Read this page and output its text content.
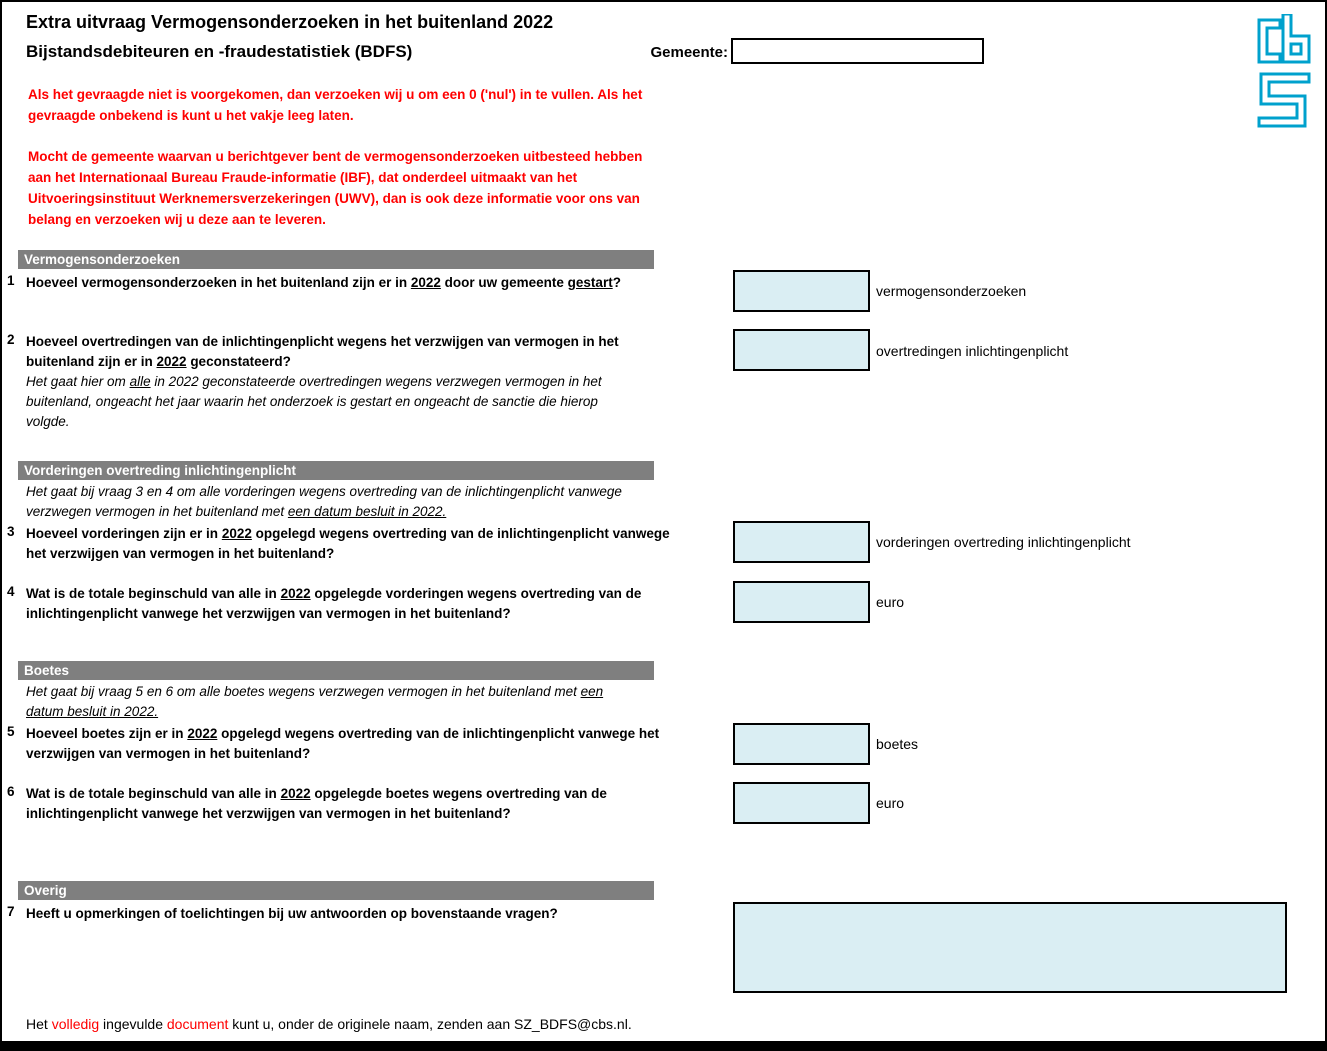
Extra uitvraag Vermogensonderzoeken in het buitenland 2022
Bijstandsdebiteuren en -fraudestatistiek (BDFS)	Gemeente:
Als het gevraagde niet is voorgekomen, dan verzoeken wij u om een 0 ('nul') in te vullen. Als het
gevraagde onbekend is kunt u het vakje leeg laten.
Mocht de gemeente waarvan u berichtgever bent de vermogensonderzoeken uitbesteed hebben
aan het Internationaal Bureau Fraude-informatie (IBF), dat onderdeel uitmaakt van het
Uitvoeringsinstituut Werknemersverzekeringen (UWV), dan is ook deze informatie voor ons van
belang en verzoeken wij u deze aan te leveren.
Vermogensonderzoeken
1 Hoeveel vermogensonderzoeken in het buitenland zijn er in 2022 door uw gemeente gestart?
vermogensonderzoeken
2 Hoeveel overtredingen van de inlichtingenplicht wegens het verzwijgen van vermogen in het
buitenland zijn er in 2022 geconstateerd?
Het gaat hier om alle in 2022 geconstateerde overtredingen wegens verzwegen vermogen in het
buitenland, ongeacht het jaar waarin het onderzoek is gestart en ongeacht de sanctie die hierop
volgde.
overtredingen inlichtingenplicht
Vorderingen overtreding inlichtingenplicht
Het gaat bij vraag 3 en 4 om alle vorderingen wegens overtreding van de inlichtingenplicht vanwege
verzwegen vermogen in het buitenland met een datum besluit in 2022.
3 Hoeveel vorderingen zijn er in 2022 opgelegd wegens overtreding van de inlichtingenplicht vanwege
het verzwijgen van vermogen in het buitenland?
vorderingen overtreding inlichtingenplicht
4 Wat is de totale beginschuld van alle in 2022 opgelegde vorderingen wegens overtreding van de
inlichtingenplicht vanwege het verzwijgen van vermogen in het buitenland?
euro
Boetes
Het gaat bij vraag 5 en 6 om alle boetes wegens verzwegen vermogen in het buitenland met een
datum besluit in 2022.
5 Hoeveel boetes zijn er in 2022 opgelegd wegens overtreding van de inlichtingenplicht vanwege het
verzwijgen van vermogen in het buitenland?
boetes
6 Wat is de totale beginschuld van alle in 2022 opgelegde boetes wegens overtreding van de
inlichtingenplicht vanwege het verzwijgen van vermogen in het buitenland?
euro
Overig
7 Heeft u opmerkingen of toelichtingen bij uw antwoorden op bovenstaande vragen?
Het volledig ingevulde document kunt u, onder de originele naam, zenden aan SZ_BDFS@cbs.nl.
